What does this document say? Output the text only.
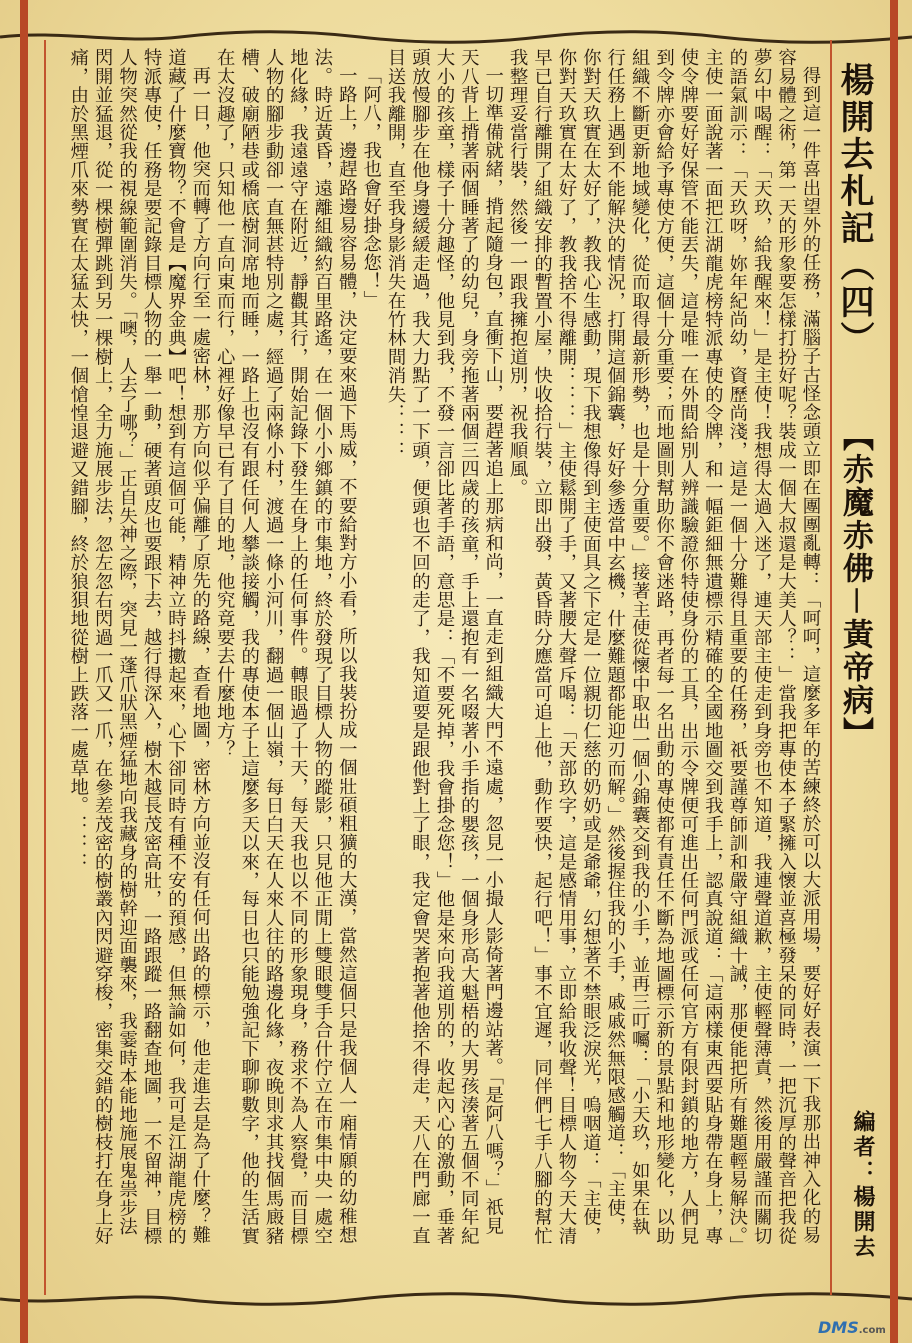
楊開去札記（四）
【赤魔赤佛－黃帝病】
編者：楊開去

得到這一件喜出望外的任務，滿腦子古怪念頭立即在團團亂轉：「呵呵，這麼多年的苦練終於可以大派用場，要好好表演一下我那出神入化的易容易體之術，第一天的形象要怎樣打扮好呢？裝成一個大叔還是大美人？：」當我把專使本子緊擁入懷並喜極發呆的同時，一把沉厚的聲音把我從夢幻中喝醒：「天玖，給我醒來！」是主使！我想得太過入迷了，連天部主使走到身旁也不知道，我連聲道歉，主使輕聲薄責，然後用嚴謹而關切的語氣訓示：「天玖呀，妳年紀尚幼，資歷尚淺，這是一個十分難得且重要的任務，祇要謹尊師訓和嚴守組織十誡，那便能把所有難題輕易解決。」主使一面說著一面把江湖龍虎榜特派專使的令牌，和一幅鉅細無遺標示精確的全國地圖交到我手上，認真說道：「這兩樣東西要貼身帶在身上，專使令牌要好好保管不能丟失，這是唯一在外間給別人辨識驗證你特使身份的工具，出示令牌便可進出任何門派或任何官方有限封鎖的地方，人們見到令牌亦會給予專使方便，這個十分重要；而地圖則幫助你不會迷路，再者每一名出動的專使都有責任不斷為地圖標示新的景點和地形變化，以助組織不斷更新地域變化，從而取得最新形勢，也是十分重要。」接著主使從懷中取出一個小錦囊交到我的小手，並再三叮囑：「小天玖，如果在執行任務上遇到不能解決的情況，打開這個錦囊，好好參透當中玄機，什麼難題都能迎刃而解。」然後握住我的小手，戚戚然無限感觸道：「主使，你對天玖實在太好了，教我心生感動，現下我想像得到主使面具之下定是一位親切仁慈的奶奶或是爺爺，幻想著不禁眼泛淚光，嗚咽道：「主使，你對天玖實在太好了，教我捨不得離開：：：」主使鬆開了手，又著腰大聲斥喝：「天部玖字，這是感情用事，立即給我收聲！目標人物今天大清早已自行離開了組織安排的暫置小屋，快收拾行裝，立即出發，黃昏時分應當可追上他，動作要快，起行吧！」事不宜遲，同伴們七手八腳的幫忙我整理妥當行裝，然後一一跟我擁抱道別，祝我順風。

一切準備就緒，揹起隨身包，直衝下山，要趕著追上那病和尚，一直走到組織大門不遠處，忽見一小撮人影倚著門邊站著。「是阿八嗎？」祇見天八背上揹著兩個睡著了的幼兒，身旁拖著兩個三四歲的孩童，手上還抱有一名啜著小手指的嬰孩，一個身形高大魁梧的大男孩湊著五個不同年紀大小的孩童，樣子十分趣怪，他見到我，不發一言卻比著手語，意思是：「不要死掉，我會掛念您！」他是來向我道別的，收起內心的激動，垂著頭放慢腳步在他身邊緩緩走過，我大力點了一下頭，便頭也不回的走了，我知道要是跟他對上了眼，我定會哭著抱著他捨不得走，天八在門廊一直目送我離開，直至我身影消失在竹林間消失：：：

「阿八，我也會好掛念您！」

一路上，邊趕路邊易容易體，決定要來過下馬威，不要給對方小看，所以我裝扮成一個壯碩粗獷的大漢，當然這個只是我個人一廂情願的幼稚想法。時近黃昏，遠離組織約百里路遙，在一個小小鄉鎮的市集地，終於發現了目標人物的蹤影，只見他正閒上雙眼雙手合什佇立在市集中央一處空地化緣，我遠遠守在附近，靜觀其行，開始記錄下發生在身上的任何事件。轉眼過了十天，每天我也以不同的形象現身，務求不為人察覺，而目標人物的腳步動卻一直無甚特別之處，經過了兩條小村，渡過一條小河川，翻過一個山嶺，每日白天在人來人往的路邊化緣，夜晚則求其找個馬廄豬槽、破廟陋巷或橋底樹洞席地而睡，一路上也沒有跟任何人攀談接觸，我的專使本子上這麼多天以來，每日也只能勉強記下聊聊數字，他的生活實在太沒趣了，只知他一直向東而行，心裡好像早已有了目的地，他究竟要去什麼地方？

再一日，他突而轉了方向行至一處密林，那方向似乎偏離了原先的路線，查看地圖，密林方向並沒有任何出路的標示，他走進去是為了什麼？難道藏了什麼寶物？不會是【魔界金典】吧！想到有這個可能，精神立時抖擻起來，心下卻同時有種不安的預感，但無論如何，我可是江湖龍虎榜的特派專使，任務是要記錄目標人物的一舉一動，硬著頭皮也要跟下去，越行得深入，樹木越長茂密高壯，一路跟蹤一路翻查地圖，一不留神，目標人物突然從我的視線範圍消失。「噢，人去了哪？」正自失神之際，突見一蓬爪狀黑煙猛地向我藏身的樹幹迎面襲來，我霎時本能地施展鬼祟步法閃開並猛退，從一棵樹彈跳到另一棵樹上，全力施展步法，忽左忽右閃過一爪又一爪，在參差茂密的樹叢內閃避穿梭，密集交錯的樹枝打在身上好痛，由於黑煙爪來勢實在太猛太快，一個愴惶退避又錯腳，終於狼狽地從樹上跌落一處草地。：：：

DMS.com
